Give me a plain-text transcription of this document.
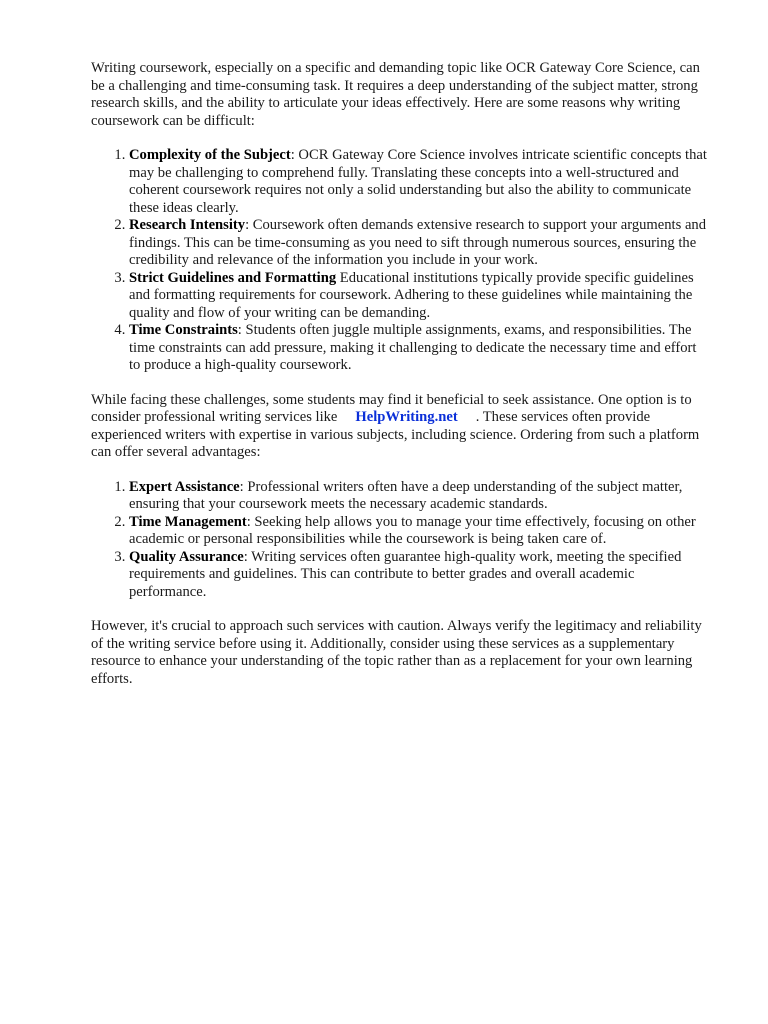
Writing coursework, especially on a specific and demanding topic like OCR Gateway Core Science, can be a challenging and time-consuming task. It requires a deep understanding of the subject matter, strong research skills, and the ability to articulate your ideas effectively. Here are some reasons why writing coursework can be difficult:

1. Complexity of the Subject: OCR Gateway Core Science involves intricate scientific concepts that may be challenging to comprehend fully. Translating these concepts into a well-structured and coherent coursework requires not only a solid understanding but also the ability to communicate these ideas clearly.
2. Research Intensity: Coursework often demands extensive research to support your arguments and findings. This can be time-consuming as you need to sift through numerous sources, ensuring the credibility and relevance of the information you include in your work.
3. Strict Guidelines and Formatting Educational institutions typically provide specific guidelines and formatting requirements for coursework. Adhering to these guidelines while maintaining the quality and flow of your writing can be demanding.
4. Time Constraints: Students often juggle multiple assignments, exams, and responsibilities. The time constraints can add pressure, making it challenging to dedicate the necessary time and effort to produce a high-quality coursework.

While facing these challenges, some students may find it beneficial to seek assistance. One option is to consider professional writing services like HelpWriting.net . These services often provide experienced writers with expertise in various subjects, including science. Ordering from such a platform can offer several advantages:

1. Expert Assistance: Professional writers often have a deep understanding of the subject matter, ensuring that your coursework meets the necessary academic standards.
2. Time Management: Seeking help allows you to manage your time effectively, focusing on other academic or personal responsibilities while the coursework is being taken care of.
3. Quality Assurance: Writing services often guarantee high-quality work, meeting the specified requirements and guidelines. This can contribute to better grades and overall academic performance.

However, it's crucial to approach such services with caution. Always verify the legitimacy and reliability of the writing service before using it. Additionally, consider using these services as a supplementary resource to enhance your understanding of the topic rather than as a replacement for your own learning efforts.
